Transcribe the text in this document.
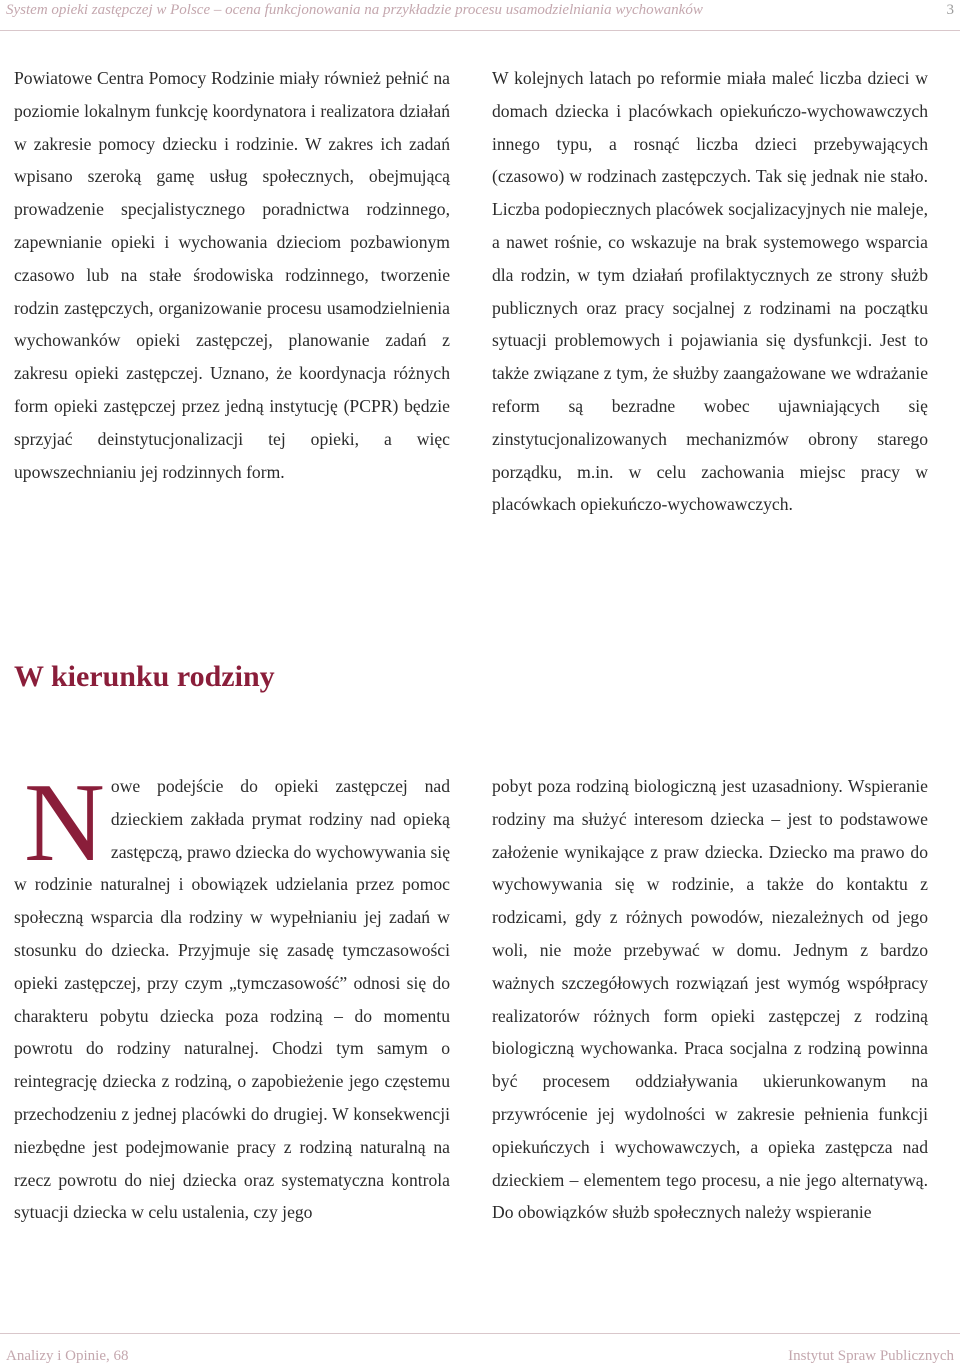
System opieki zastępczej w Polsce – ocena funkcjonowania na przykładzie procesu usamodzielniania wychowanków	3

Powiatowe Centra Pomocy Rodzinie miały również pełnić na poziomie lokalnym funkcję koordynatora i realizatora działań w zakresie pomocy dziecku i rodzinie. W zakres ich zadań wpisano szeroką gamę usług społecznych, obejmującą prowadzenie specjalistycznego poradnictwa rodzinnego, zapewnianie opieki i wychowania dzieciom pozbawionym czasowo lub na stałe środowiska rodzinnego, tworzenie rodzin zastępczych, organizowanie procesu usamodzielnienia wychowanków opieki zastępczej, planowanie zadań z zakresu opieki zastępczej. Uznano, że koordynacja różnych form opieki zastępczej przez jedną instytucję (PCPR) będzie sprzyjać deinstytucjonalizacji tej opieki, a więc upowszechnianiu jej rodzinnych form.

W kolejnych latach po reformie miała maleć liczba dzieci w domach dziecka i placówkach opiekuńczo-wychowawczych innego typu, a rosnąć liczba dzieci przebywających (czasowo) w rodzinach zastępczych. Tak się jednak nie stało. Liczba podopiecznych placówek socjalizacyjnych nie maleje, a nawet rośnie, co wskazuje na brak systemowego wsparcia dla rodzin, w tym działań profilaktycznych ze strony służb publicznych oraz pracy socjalnej z rodzinami na początku sytuacji problemowych i pojawiania się dysfunkcji. Jest to także związane z tym, że służby zaangażowane we wdrażanie reform są bezradne wobec ujawniających się zinstytucjonalizowanych mechanizmów obrony starego porządku, m.in. w celu zachowania miejsc pracy w placówkach opiekuńczo-wychowawczych.

W kierunku rodziny

Nowe podejście do opieki zastępczej nad dzieckiem zakłada prymat rodziny nad opieką zastępczą, prawo dziecka do wychowywania się w rodzinie naturalnej i obowiązek udzielania przez pomoc społeczną wsparcia dla rodziny w wypełnianiu jej zadań w stosunku do dziecka. Przyjmuje się zasadę tymczasowości opieki zastępczej, przy czym „tymczasowość” odnosi się do charakteru pobytu dziecka poza rodziną – do momentu powrotu do rodziny naturalnej. Chodzi tym samym o reintegrację dziecka z rodziną, o zapobieżenie jego częstemu przechodzeniu z jednej placówki do drugiej. W konsekwencji niezbędne jest podejmowanie pracy z rodziną naturalną na rzecz powrotu do niej dziecka oraz systematyczna kontrola sytuacji dziecka w celu ustalenia, czy jego

pobyt poza rodziną biologiczną jest uzasadniony. Wspieranie rodziny ma służyć interesom dziecka – jest to podstawowe założenie wynikające z praw dziecka. Dziecko ma prawo do wychowywania się w rodzinie, a także do kontaktu z rodzicami, gdy z różnych powodów, niezależnych od jego woli, nie może przebywać w domu. Jednym z bardzo ważnych szczegółowych rozwiązań jest wymóg współpracy realizatorów różnych form opieki zastępczej z rodziną biologiczną wychowanka. Praca socjalna z rodziną powinna być procesem oddziaływania ukierunkowanym na przywrócenie jej wydolności w zakresie pełnienia funkcji opiekuńczych i wychowawczych, a opieka zastępcza nad dzieckiem – elementem tego procesu, a nie jego alternatywą. Do obowiązków służb społecznych należy wspieranie

Analizy i Opinie, 68	Instytut Spraw Publicznych
